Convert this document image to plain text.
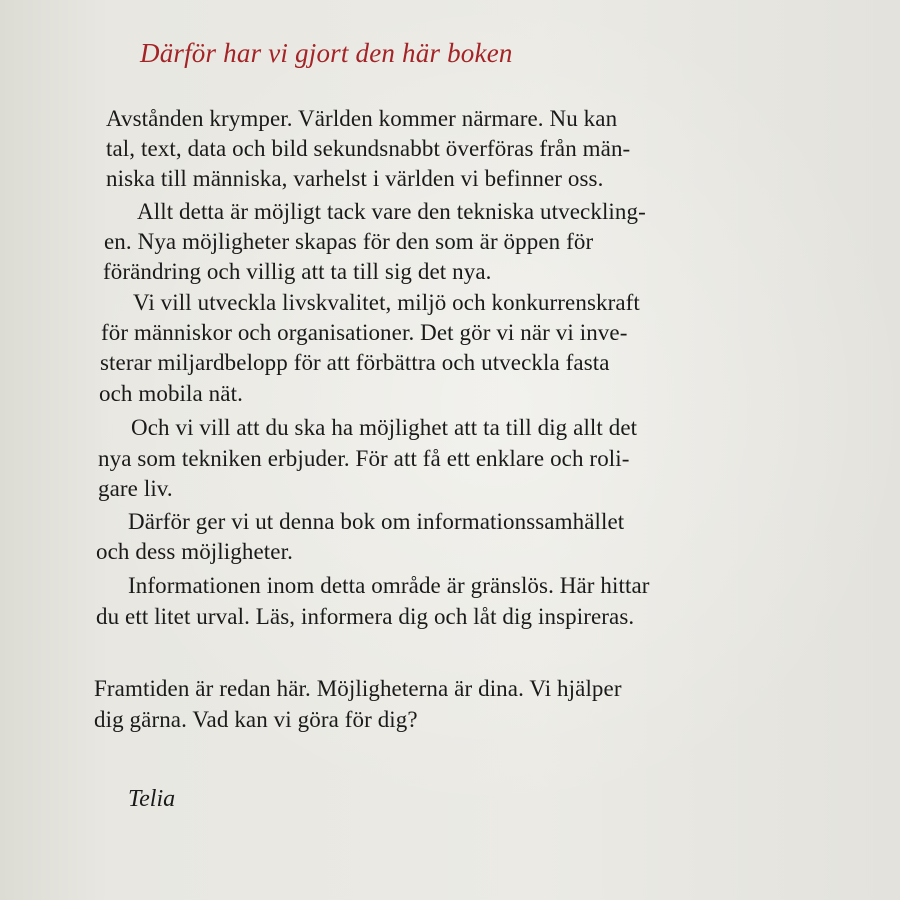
Därför har vi gjort den här boken
Avstånden krymper. Världen kommer närmare. Nu kan
tal, text, data och bild sekundsnabbt överföras från män-
niska till människa, varhelst i världen vi befinner oss.
Allt detta är möjligt tack vare den tekniska utveckling-
en. Nya möjligheter skapas för den som är öppen för
förändring och villig att ta till sig det nya.
Vi vill utveckla livskvalitet, miljö och konkurrenskraft
för människor och organisationer. Det gör vi när vi inve-
sterar miljardbelopp för att förbättra och utveckla fasta
och mobila nät.
Och vi vill att du ska ha möjlighet att ta till dig allt det
nya som tekniken erbjuder. För att få ett enklare och roli-
gare liv.
Därför ger vi ut denna bok om informationssamhället
och dess möjligheter.
Informationen inom detta område är gränslös. Här hittar
du ett litet urval. Läs, informera dig och låt dig inspireras.
Framtiden är redan här. Möjligheterna är dina. Vi hjälper
dig gärna. Vad kan vi göra för dig?
Telia
